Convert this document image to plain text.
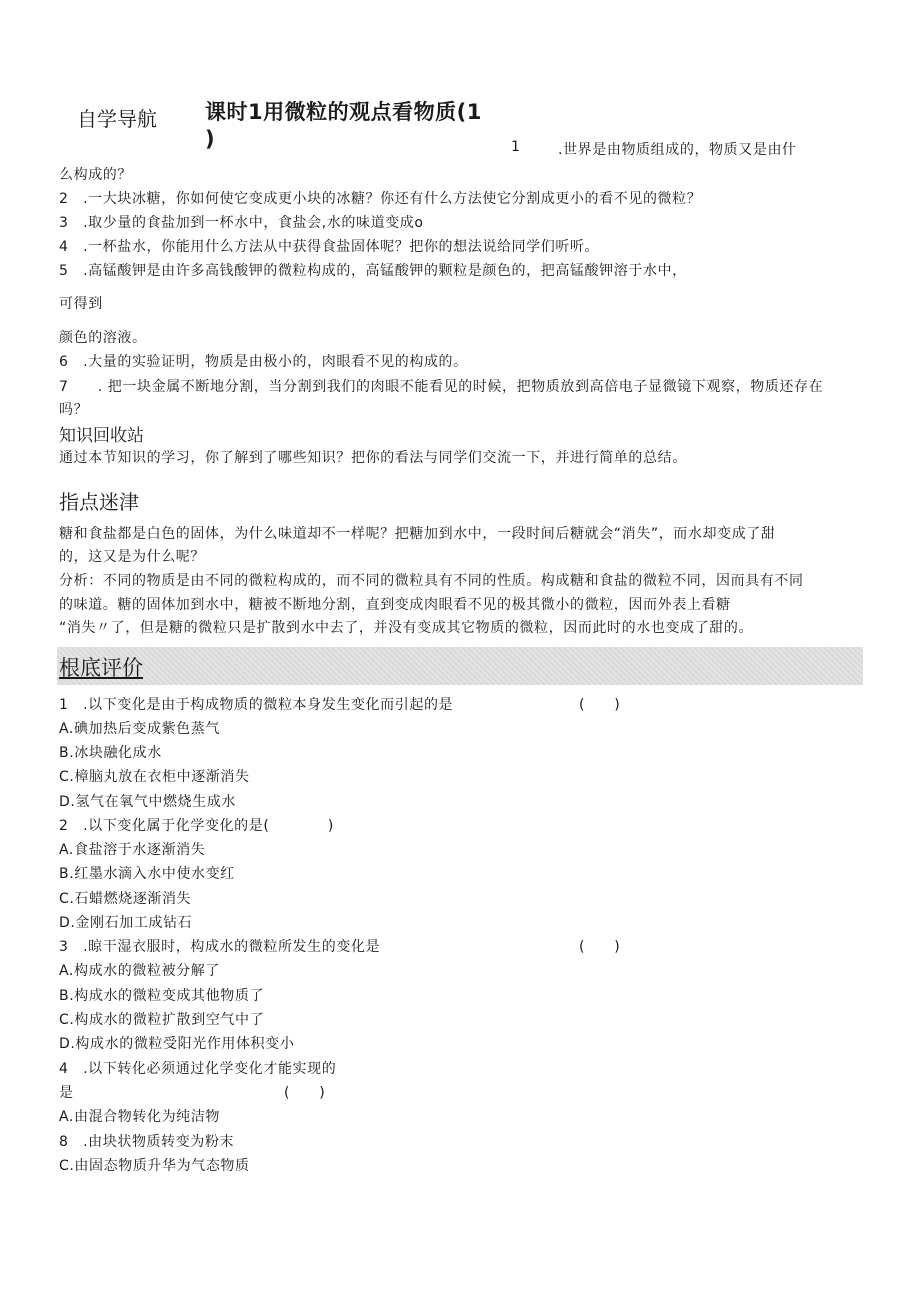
自学导航 课时1用微粒的观点看物质(1
)	1	.世界是由物质组成的，物质又是由什
么构成的？
2　.一大块冰糖，你如何使它变成更小块的冰糖？你还有什么方法使它分割成更小的看不见的微粒？
3　.取少量的食盐加到一杯水中，食盐会,水的味道变成o
4　.一杯盐水，你能用什么方法从中获得食盐固体呢？把你的想法说给同学们听听。
5　.高锰酸钾是由许多高钱酸钾的微粒构成的，高锰酸钾的颗粒是颜色的，把高锰酸钾溶于水中，
可得到
颜色的溶液。
6　.大量的实验证明，物质是由极小的，肉眼看不见的构成的。
7　　. 把一块金属不断地分割，当分割到我们的肉眼不能看见的时候，把物质放到高倍电子显微镜下观察，物质还存在
吗？
知识回收站
通过本节知识的学习，你了解到了哪些知识？把你的看法与同学们交流一下，并进行简单的总结。
指点迷津
糖和食盐都是白色的固体，为什么味道却不一样呢？把糖加到水中，一段时间后糖就会“消失”，而水却变成了甜
的，这又是为什么呢？
分析：不同的物质是由不同的微粒构成的，而不同的微粒具有不同的性质。构成糖和食盐的微粒不同，因而具有不同
的味道。糖的固体加到水中，糖被不断地分割，直到变成肉眼看不见的极其微小的微粒，因而外表上看糖
“消失〃了，但是糖的微粒只是扩散到水中去了，并没有变成其它物质的微粒，因而此时的水也变成了甜的。
根底评价
1　.以下变化是由于构成物质的微粒本身发生变化而引起的是	(　　)
A.碘加热后变成紫色蒸气
B.冰块融化成水
C.樟脑丸放在衣柜中逐渐消失
D.氢气在氧气中燃烧生成水
2　.以下变化属于化学变化的是(　　　　)
A.食盐溶于水逐渐消失
B.红墨水滴入水中使水变红
C.石蜡燃烧逐渐消失
D.金刚石加工成钻石
3　.晾干湿衣服时，构成水的微粒所发生的变化是	(　　)
A.构成水的微粒被分解了
B.构成水的微粒变成其他物质了
C.构成水的微粒扩散到空气中了
D.构成水的微粒受阳光作用体积变小
4　.以下转化必须通过化学变化才能实现的
是	(　　)
A.由混合物转化为纯洁物
8　.由块状物质转变为粉末
C.由固态物质升华为气态物质
